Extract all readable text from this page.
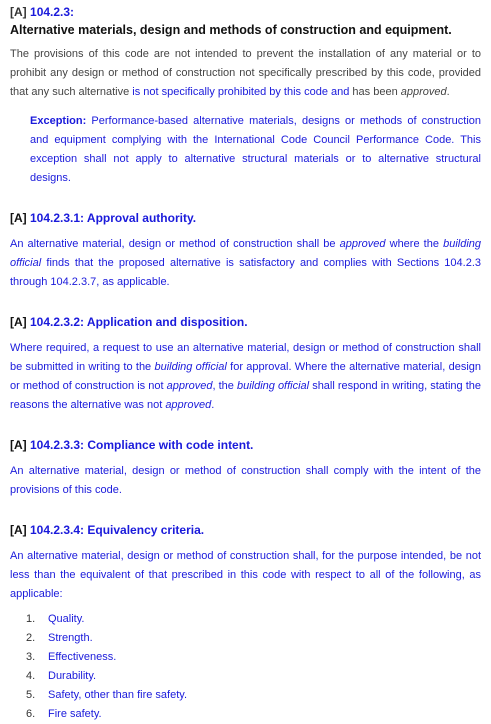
[A] 104.2.3:
Alternative materials, design and methods of construction and equipment.

The provisions of this code are not intended to prevent the installation of any material or to prohibit any design or method of construction not specifically prescribed by this code, provided that any such alternative is not specifically prohibited by this code and has been approved.

Exception: Performance-based alternative materials, designs or methods of construction and equipment complying with the International Code Council Performance Code. This exception shall not apply to alternative structural materials or to alternative structural designs.

[A] 104.2.3.1: Approval authority.

An alternative material, design or method of construction shall be approved where the building official finds that the proposed alternative is satisfactory and complies with Sections 104.2.3 through 104.2.3.7, as applicable.

[A] 104.2.3.2: Application and disposition.

Where required, a request to use an alternative material, design or method of construction shall be submitted in writing to the building official for approval. Where the alternative material, design or method of construction is not approved, the building official shall respond in writing, stating the reasons the alternative was not approved.

[A] 104.2.3.3: Compliance with code intent.

An alternative material, design or method of construction shall comply with the intent of the provisions of this code.

[A] 104.2.3.4: Equivalency criteria.

An alternative material, design or method of construction shall, for the purpose intended, be not less than the equivalent of that prescribed in this code with respect to all of the following, as applicable:

1.	Quality.
2.	Strength.
3.	Effectiveness.
4.	Durability.
5.	Safety, other than fire safety.
6.	Fire safety.
